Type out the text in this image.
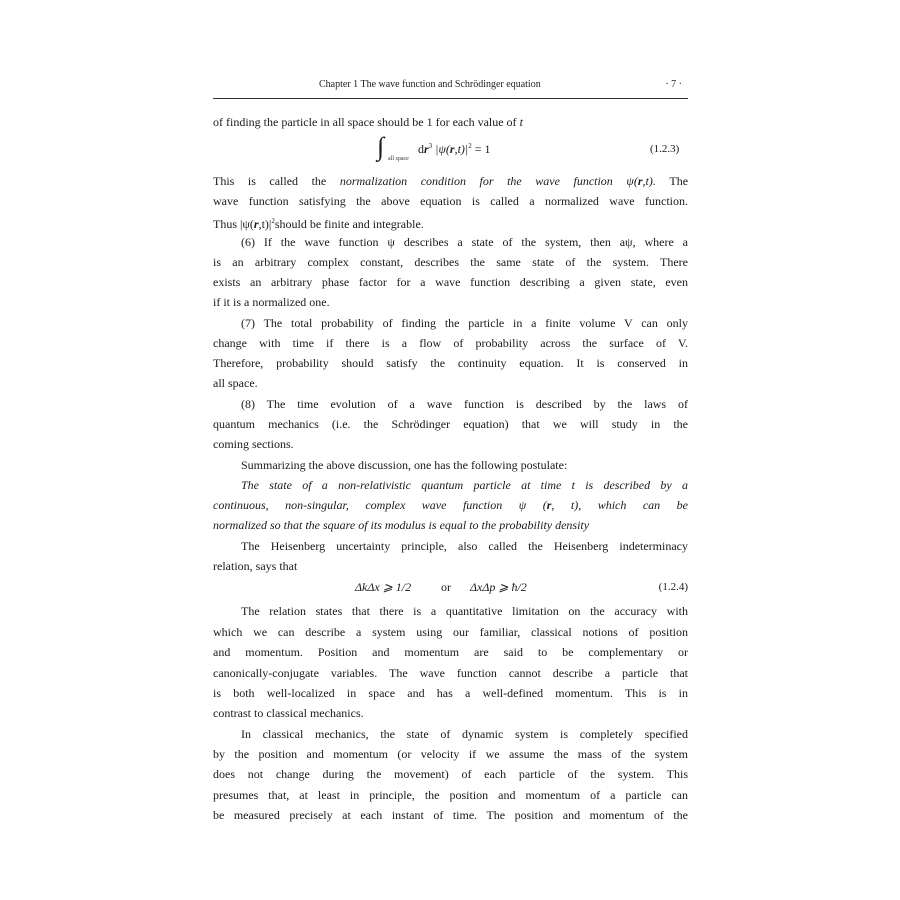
Chapter 1 The wave function and Schrödinger equation	· 7 ·
of finding the particle in all space should be 1 for each value of t
∫ all space
$dr^3$ $|\psi(r,t)|^2 = 1$	(1.2.3)
This is called the normalization condition for the wave function ψ(r,t). The
wave function satisfying the above equation is called a normalized wave function.
Thus $|\psi(r,t)|^2should$ be finite and integrable.
(6) If the wave function ψ describes a state of the system, then aψ, where a
is an arbitrary complex constant, describes the same state of the system. There
exists an arbitrary phase factor for a wave function describing a given state, even
if it is a normalized one.
(7) The total probability of finding the particle in a finite volume V can only
change with time if there is a flow of probability across the surface of V.
Therefore, probability should satisfy the continuity equation. It is conserved in
all space.
(8) The time evolution of a wave function is described by the laws of
quantum mechanics (i.e. the Schrödinger equation) that we will study in the
coming sections.
Summarizing the above discussion, one has the following postulate:
The state of a non-relativistic quantum particle at time t is described by a
continuous, non-singular, complex wave function ψ (r, t), which can be
normalized so that the square of its modulus is equal to the probability density
The Heisenberg uncertainty principle, also called the Heisenberg indeterminacy
relation, says that
ΔkΔx ⩾ 1/2 or ΔxΔp ⩾ ħ/2	(1.2.4)
The relation states that there is a quantitative limitation on the accuracy with
which we can describe a system using our familiar, classical notions of position
and momentum. Position and momentum are said to be complementary or
canonically-conjugate variables. The wave function cannot describe a particle that
is both well-localized in space and has a well-defined momentum. This is in
contrast to classical mechanics.
In classical mechanics, the state of dynamic system is completely specified
by the position and momentum (or velocity if we assume the mass of the system
does not change during the movement) of each particle of the system. This
presumes that, at least in principle, the position and momentum of a particle can
be measured precisely at each instant of time. The position and momentum of the
